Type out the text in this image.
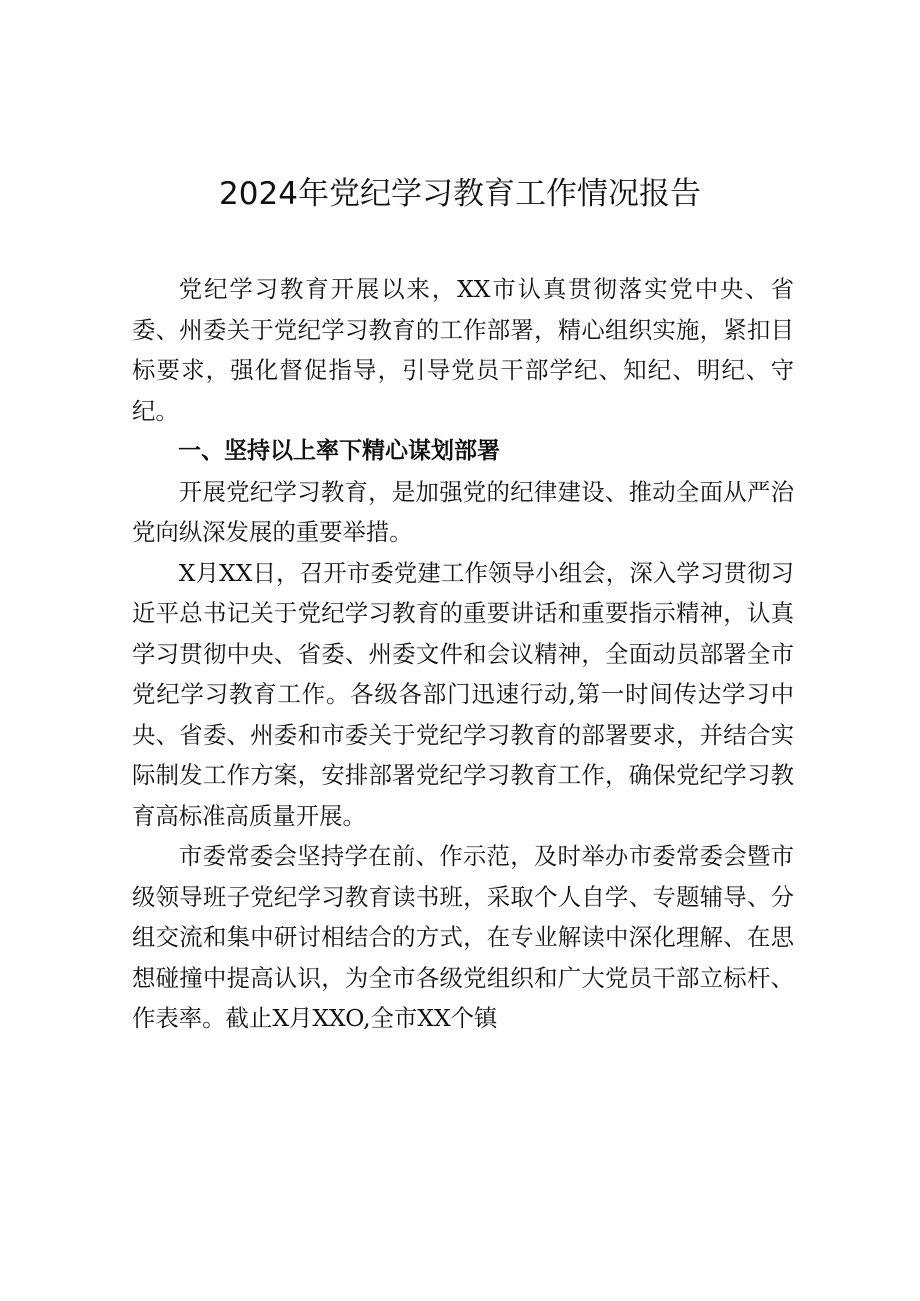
2024年党纪学习教育工作情况报告

党纪学习教育开展以来，XX市认真贯彻落实党中央、省委、州委关于党纪学习教育的工作部署，精心组织实施，紧扣目标要求，强化督促指导，引导党员干部学纪、知纪、明纪、守纪。

一、坚持以上率下精心谋划部署

开展党纪学习教育，是加强党的纪律建设、推动全面从严治党向纵深发展的重要举措。

X月XX日，召开市委党建工作领导小组会，深入学习贯彻习近平总书记关于党纪学习教育的重要讲话和重要指示精神，认真学习贯彻中央、省委、州委文件和会议精神，全面动员部署全市党纪学习教育工作。各级各部门迅速行动,第一时间传达学习中央、省委、州委和市委关于党纪学习教育的部署要求，并结合实际制发工作方案，安排部署党纪学习教育工作，确保党纪学习教育高标准高质量开展。

市委常委会坚持学在前、作示范，及时举办市委常委会暨市级领导班子党纪学习教育读书班，采取个人自学、专题辅导、分组交流和集中研讨相结合的方式，在专业解读中深化理解、在思想碰撞中提高认识，为全市各级党组织和广大党员干部立标杆、作表率。截止X月XXO,全市XX个镇
